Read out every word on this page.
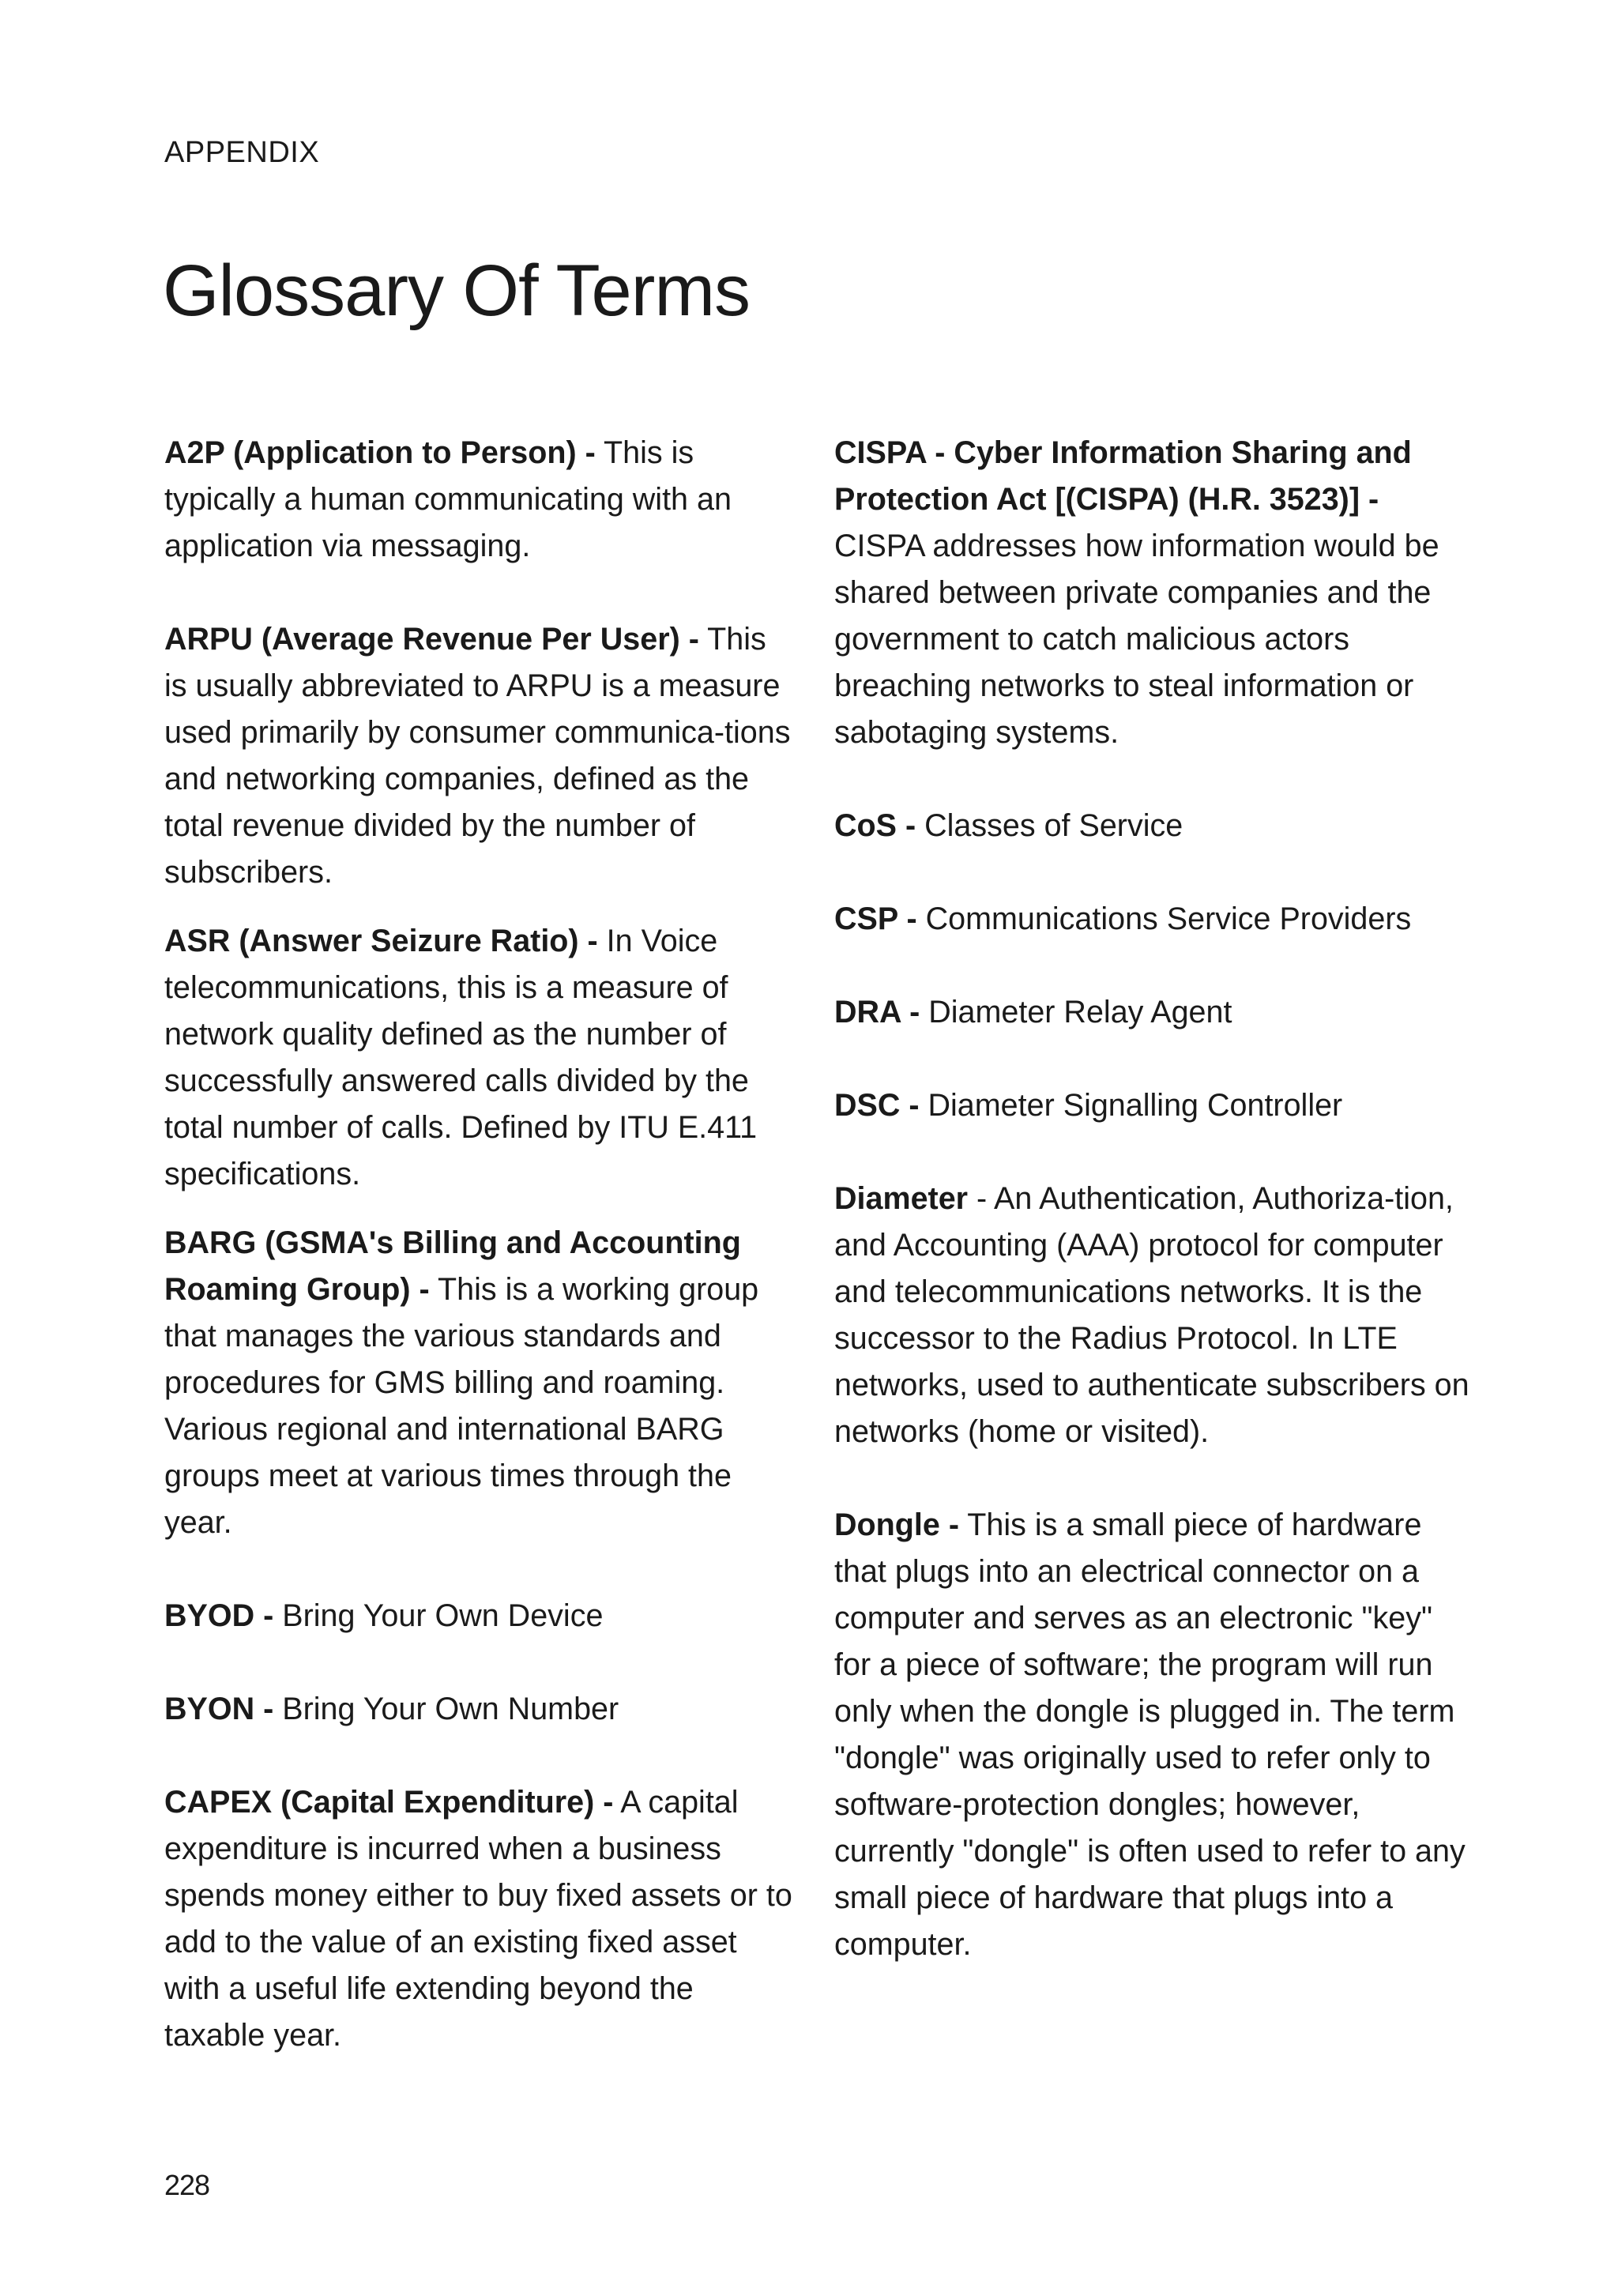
APPENDIX

Glossary Of Terms

A2P (Application to Person) - This is typically a human communicating with an application via messaging.

ARPU (Average Revenue Per User) - This is usually abbreviated to ARPU is a measure used primarily by consumer communica-tions and networking companies, defined as the total revenue divided by the number of subscribers.

ASR (Answer Seizure Ratio) - In Voice telecommunications, this is a measure of network quality defined as the number of successfully answered calls divided by the total number of calls. Defined by ITU E.411 specifications.

BARG (GSMA's Billing and Accounting Roaming Group) - This is a working group that manages the various standards and procedures for GMS billing and roaming. Various regional and international BARG groups meet at various times through the year.

BYOD - Bring Your Own Device

BYON - Bring Your Own Number

CAPEX (Capital Expenditure) - A capital expenditure is incurred when a business spends money either to buy fixed assets or to add to the value of an existing fixed asset with a useful life extending beyond the taxable year.

CISPA - Cyber Information Sharing and Protection Act [(CISPA) (H.R. 3523)] - CISPA addresses how information would be shared between private companies and the government to catch malicious actors breaching networks to steal information or sabotaging systems.

CoS - Classes of Service

CSP - Communications Service Providers

DRA - Diameter Relay Agent

DSC - Diameter Signalling Controller

Diameter - An Authentication, Authoriza-tion, and Accounting (AAA) protocol for computer and telecommunications networks. It is the successor to the Radius Protocol. In LTE networks, used to authenticate subscribers on networks (home or visited).

Dongle - This is a small piece of hardware that plugs into an electrical connector on a computer and serves as an electronic "key" for a piece of software; the program will run only when the dongle is plugged in. The term "dongle" was originally used to refer only to software-protection dongles; however, currently "dongle" is often used to refer to any small piece of hardware that plugs into a computer.

228
